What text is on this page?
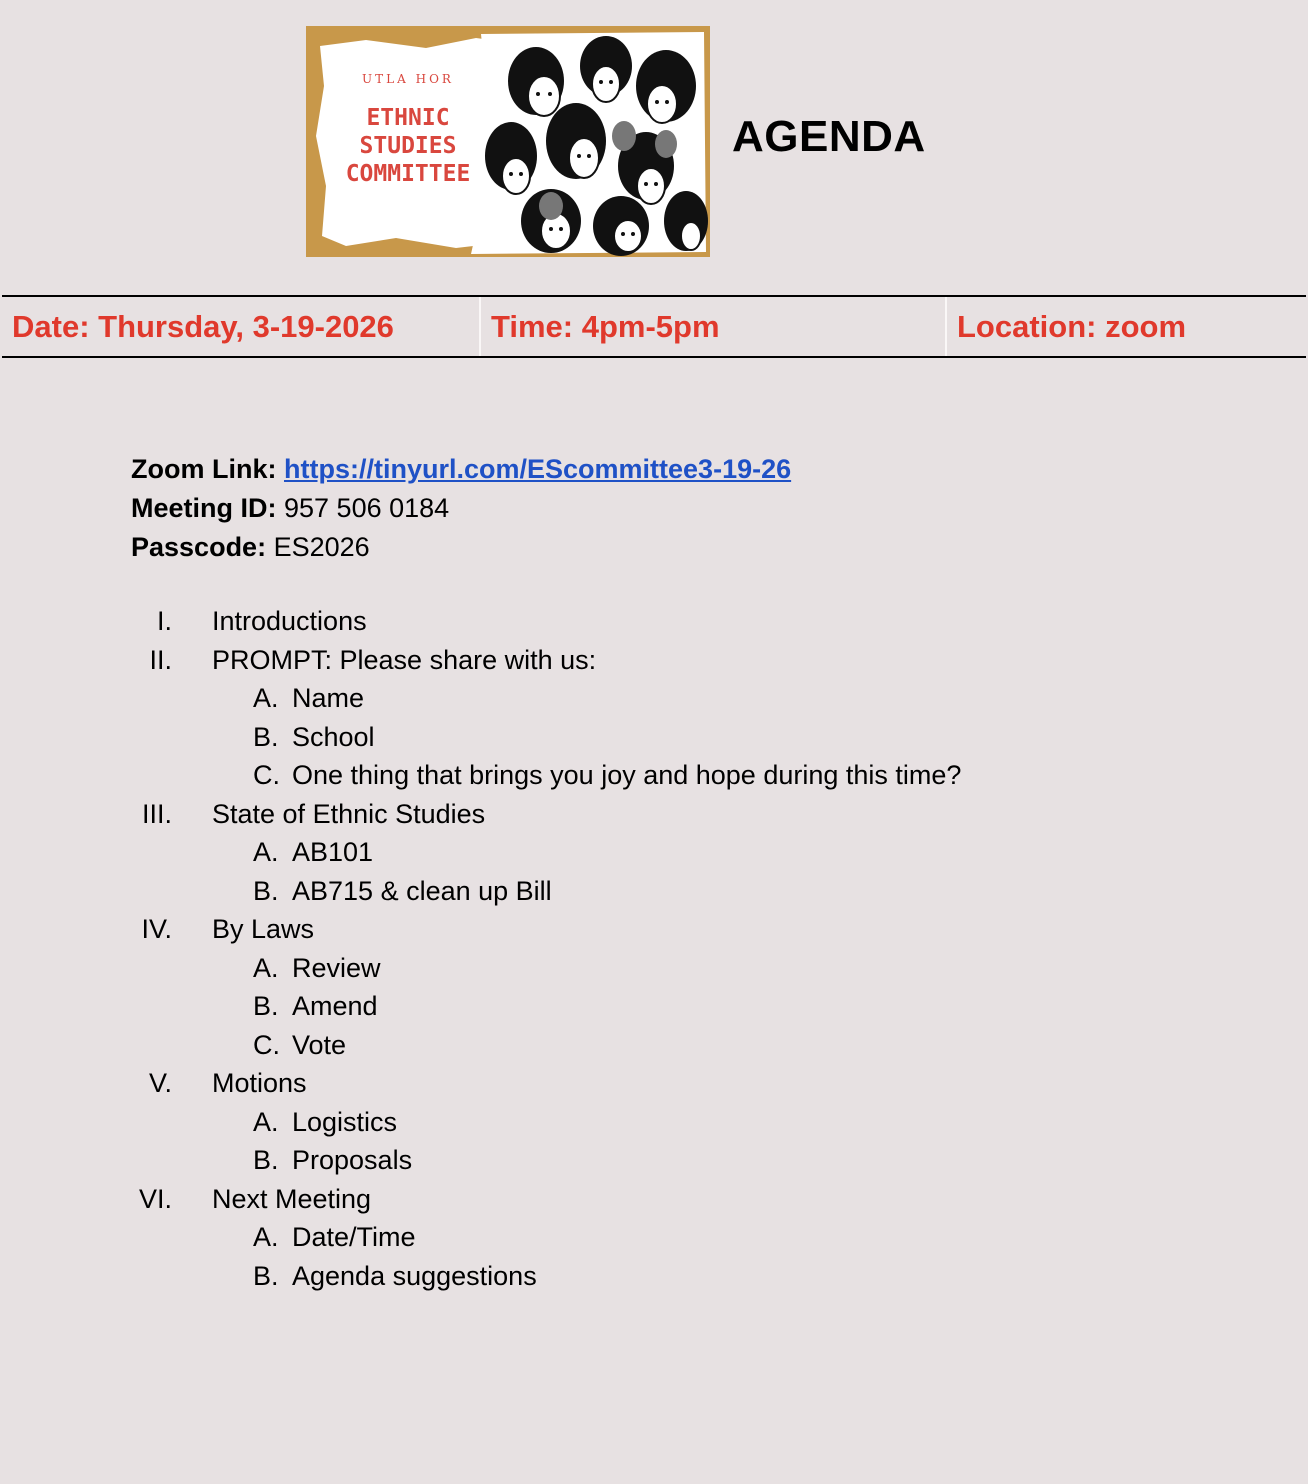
UTLA HOR
ETHNIC
STUDIES
COMMITTEE
AGENDA
Date: Thursday, 3-19-2026	Time: 4pm-5pm	Location: zoom
Zoom Link: https://tinyurl.com/EScommittee3-19-26
Meeting ID: 957 506 0184
Passcode: ES2026
I. Introductions
II. PROMPT: Please share with us:
A. Name
B. School
C. One thing that brings you joy and hope during this time?
III. State of Ethnic Studies
A. AB101
B. AB715 & clean up Bill
IV. By Laws
A. Review
B. Amend
C. Vote
V. Motions
A. Logistics
B. Proposals
VI. Next Meeting
A. Date/Time
B. Agenda suggestions
